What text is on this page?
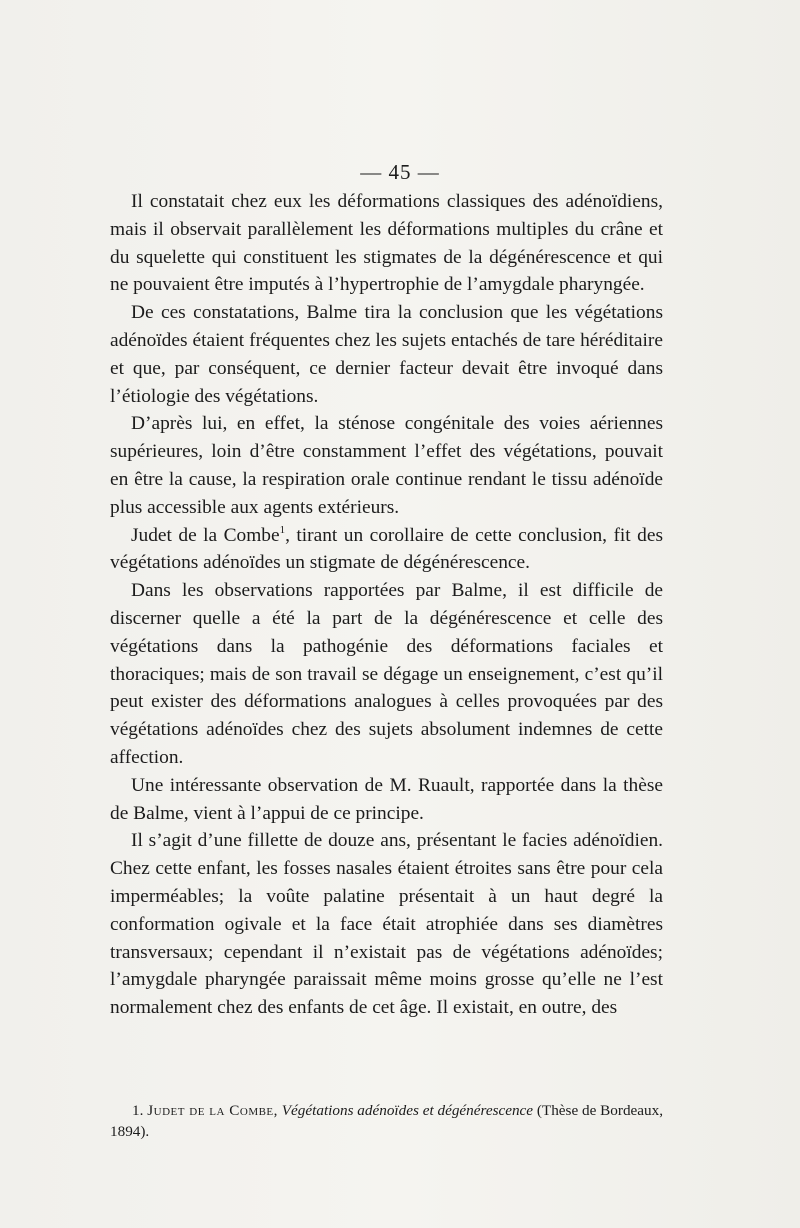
— 45 —

Il constatait chez eux les déformations classiques des adénoïdiens, mais il observait parallèlement les déformations multiples du crâne et du squelette qui constituent les stigmates de la dégénérescence et qui ne pouvaient être imputés à l’hypertrophie de l’amygdale pharyngée.

De ces constatations, Balme tira la conclusion que les végétations adénoïdes étaient fréquentes chez les sujets entachés de tare héréditaire et que, par conséquent, ce dernier facteur devait être invoqué dans l’étiologie des végétations.

D’après lui, en effet, la sténose congénitale des voies aériennes supérieures, loin d’être constamment l’effet des végétations, pouvait en être la cause, la respiration orale continue rendant le tissu adénoïde plus accessible aux agents extérieurs.

Judet de la Combe$^1$, tirant un corollaire de cette conclusion, fit des végétations adénoïdes un stigmate de dégénérescence.

Dans les observations rapportées par Balme, il est difficile de discerner quelle a été la part de la dégénérescence et celle des végétations dans la pathogénie des déformations faciales et thoraciques; mais de son travail se dégage un enseignement, c’est qu’il peut exister des déformations analogues à celles provoquées par des végétations adénoïdes chez des sujets absolument indemnes de cette affection.

Une intéressante observation de M. Ruault, rapportée dans la thèse de Balme, vient à l’appui de ce principe.

Il s’agit d’une fillette de douze ans, présentant le facies adénoïdien. Chez cette enfant, les fosses nasales étaient étroites sans être pour cela imperméables; la voûte palatine présentait à un haut degré la conformation ogivale et la face était atrophiée dans ses diamètres transversaux; cependant il n’existait pas de végétations adénoïdes; l’amygdale pharyngée paraissait même moins grosse qu’elle ne l’est normalement chez des enfants de cet âge. Il existait, en outre, des

1. Judet de la Combe, Végétations adénoïdes et dégénérescence (Thèse de Bordeaux, 1894).
